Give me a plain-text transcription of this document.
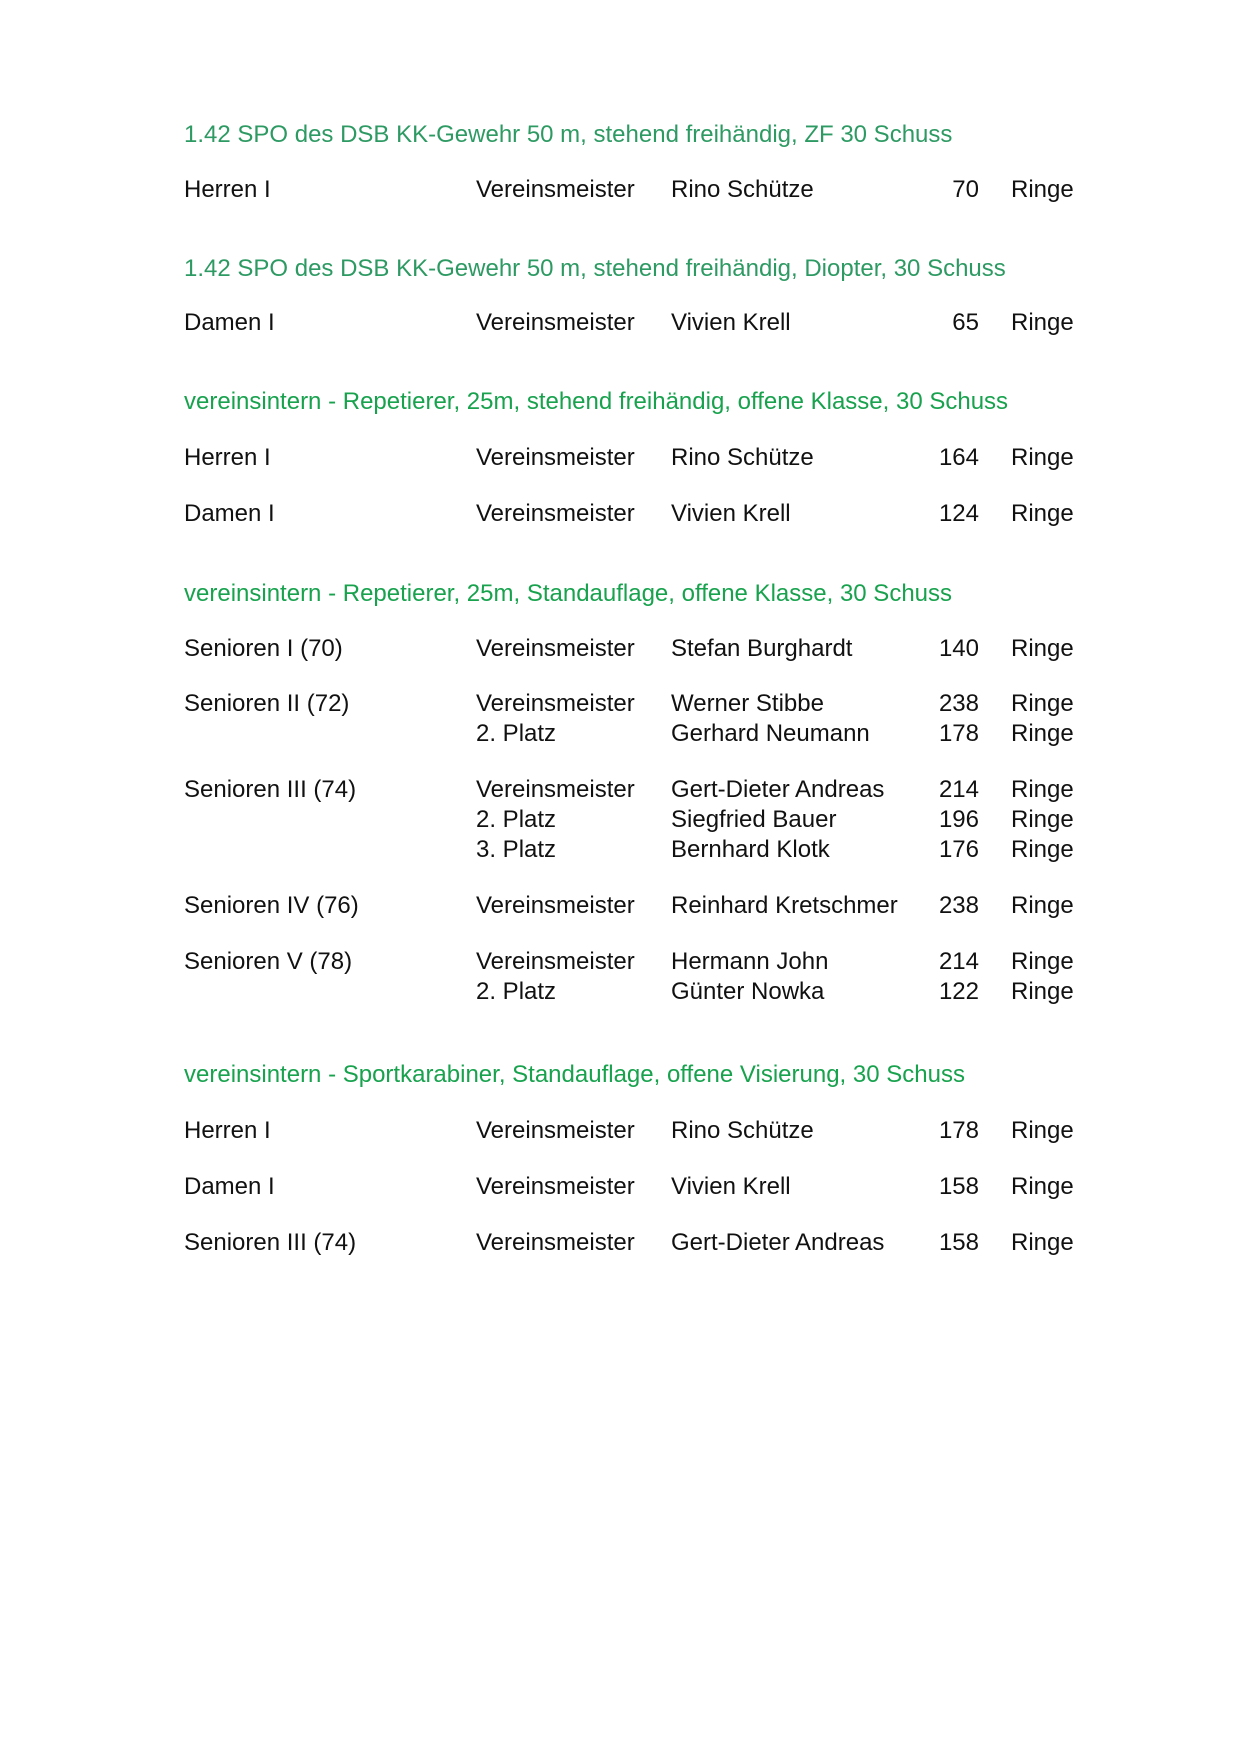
1.42 SPO des DSB KK-Gewehr 50 m, stehend freihändig, ZF 30 Schuss
Herren I	Vereinsmeister Rino Schütze	70 Ringe
1.42 SPO des DSB KK-Gewehr 50 m, stehend freihändig, Diopter, 30 Schuss
Damen I	Vereinsmeister Vivien Krell	65 Ringe
vereinsintern - Repetierer, 25m, stehend freihändig, offene Klasse, 30 Schuss
Herren I	Vereinsmeister Rino Schütze	164 Ringe
Damen I	Vereinsmeister Vivien Krell	124 Ringe
vereinsintern - Repetierer, 25m, Standauflage, offene Klasse, 30 Schuss
Senioren I (70)	Vereinsmeister Stefan Burghardt	140 Ringe
Senioren II (72)	Vereinsmeister Werner Stibbe	238 Ringe
2. Platz	Gerhard Neumann	178 Ringe
Senioren III (74)	Vereinsmeister Gert-Dieter Andreas 214 Ringe
2. Platz	Siegfried Bauer	196 Ringe
3. Platz	Bernhard Klotk	176 Ringe
Senioren IV (76)	Vereinsmeister Reinhard Kretschmer 238 Ringe
Senioren V (78)	Vereinsmeister Hermann John	214 Ringe
2. Platz	Günter Nowka	122 Ringe
vereinsintern - Sportkarabiner, Standauflage, offene Visierung, 30 Schuss
Herren I	Vereinsmeister Rino Schütze	178 Ringe
Damen I	Vereinsmeister Vivien Krell	158 Ringe
Senioren III (74)	Vereinsmeister Gert-Dieter Andreas 158 Ringe
